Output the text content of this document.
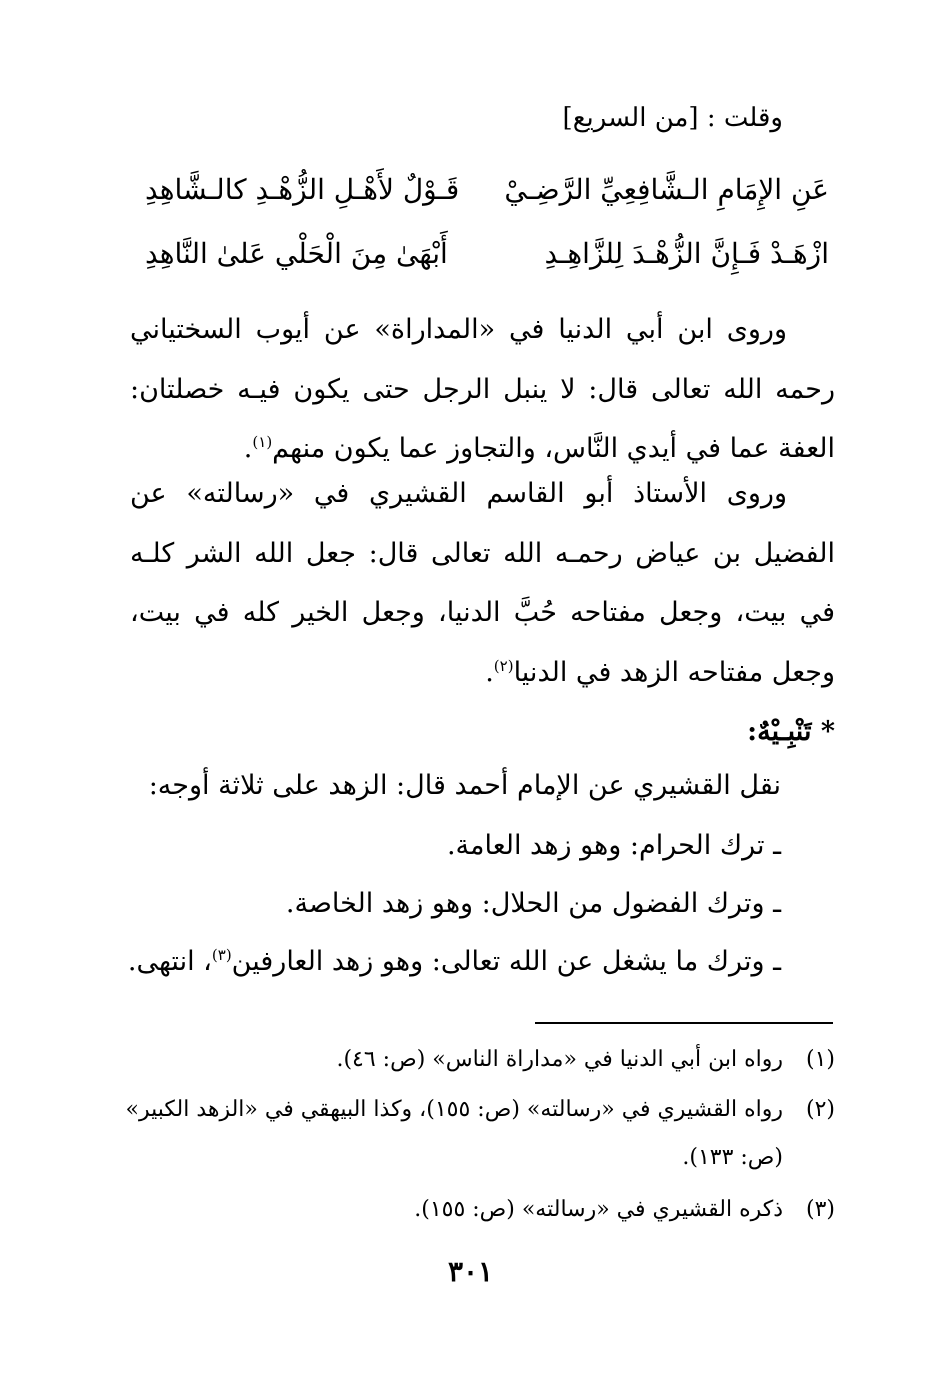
وقلت : [من السريع]
عَنِ الإِمَامِ الـشَّافِعِيِّ الرَّضِـيْ
قَـوْلٌ لأَهْـلِ الزُّهْـدِ كالـشَّاهِدِ
ازْهَـدْ فَـإِنَّ الزُّهْـدَ لِلزَّاهِـدِ
أَبْهَىٰ مِنَ الْحَلْي عَلىٰ النَّاهِدِ
وروى ابن أبي الدنيا في «المداراة» عن أيوب السختياني رحمه الله تعالى قال: لا ينبل الرجل حتى يكون فيـه خصلتان: العفة عما في أيدي النَّاس، والتجاوز عما يكون منهم$^{(١)}$.
وروى الأستاذ أبو القاسم القشيري في «رسالته» عن الفضيل بن عياض رحمـه الله تعالى قال: جعل الله الشر كلـه في بيت، وجعل مفتاحه حُبَّ الدنيا، وجعل الخير كله في بيت، وجعل مفتاحه الزهد في الدنيا$^{(٢)}$.
* تَنْبِـيْهٌ:
نقل القشيري عن الإمام أحمد قال: الزهد على ثلاثة أوجه:
ـ ترك الحرام: وهو زهد العامة.
ـ وترك الفضول من الحلال: وهو زهد الخاصة.
ـ وترك ما يشغل عن الله تعالى: وهو زهد العارفين$^{(٣)}$، انتهى.
(١)رواه ابن أبي الدنيا في «مداراة الناس» (ص: ٤٦).
(٢)رواه القشيري في «رسالته» (ص: ١٥٥)، وكذا البيهقي في «الزهد الكبير»
(ص: ١٣٣).
(٣)ذكره القشيري في «رسالته» (ص: ١٥٥).
٣٠١
